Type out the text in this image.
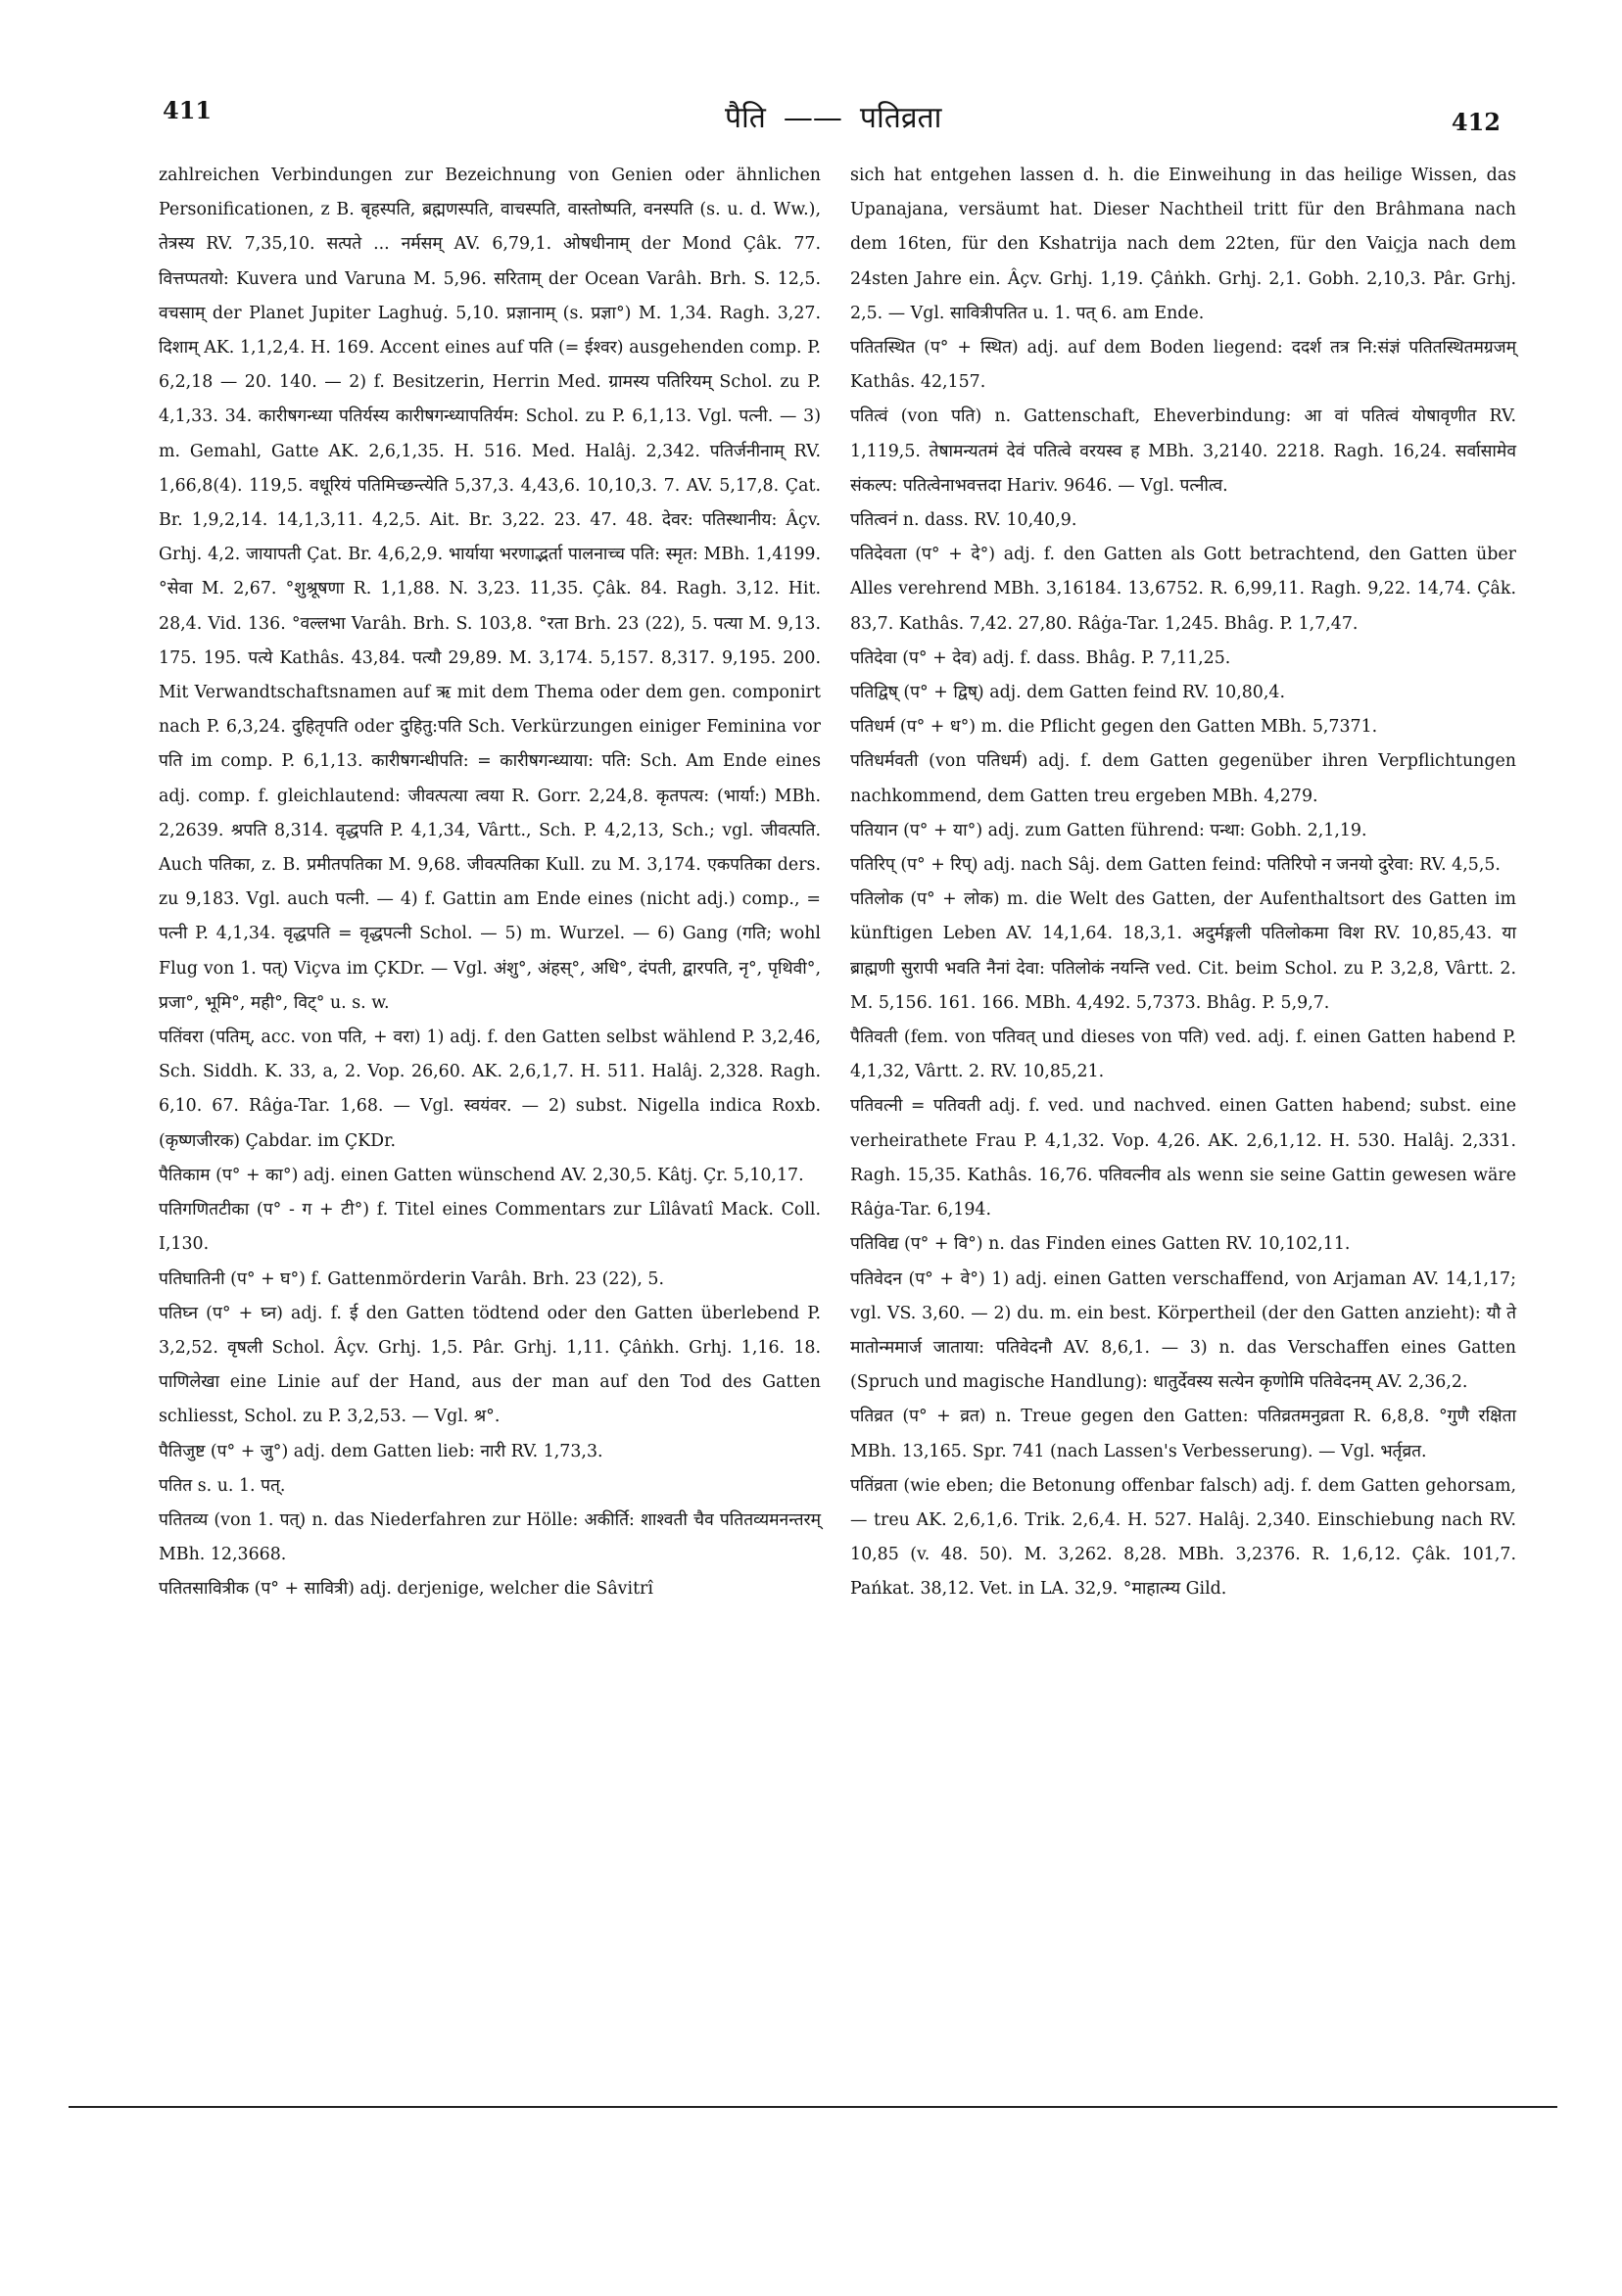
411	पैति —— पतिव्रता	412

zahlreichen Verbindungen zur Bezeichnung von Genien oder ähnlichen Personificationen, z B. बृहस्पति, ब्रह्मणस्पति, वाचस्पति, वास्तोष्पति, वनस्पति (s. u. d. Ww.), तेत्रस्य RV. 7,35,10. सत्पते ... नर्मसम् AV. 6,79,1. ओषधीनाम् der Mond Çâk. 77. वित्तप्पतयो: Kuvera und Varuna M. 5,96. सरिताम् der Ocean Varâh. Brh. S. 12,5. वचसाम् der Planet Jupiter Laghuġ. 5,10. प्रज्ञानाम् (s. प्रज्ञा°) M. 1,34. Ragh. 3,27. दिशाम् AK. 1,1,2,4. H. 169. Accent eines auf पति (= ईश्वर) ausgehenden comp. P. 6,2,18 — 20. 140. — 2) f. Besitzerin, Herrin Med. ग्रामस्य पतिरियम् Schol. zu P. 4,1,33. 34. कारीषगन्ध्या पतिर्यस्य कारीषगन्ध्यापतिर्यम: Schol. zu P. 6,1,13. Vgl. पत्नी. — 3) m. Gemahl, Gatte AK. 2,6,1,35. H. 516. Med. Halâj. 2,342. पतिर्जनीनाम् RV. 1,66,8(4). 119,5. वधूरियं पतिमिच्छन्त्येति 5,37,3. 4,43,6. 10,10,3. 7. AV. 5,17,8. Çat. Br. 1,9,2,14. 14,1,3,11. 4,2,5. Ait. Br. 3,22. 23. 47. 48. देवर: पतिस्थानीय: Âçv. Grhj. 4,2. जायापती Çat. Br. 4,6,2,9. भार्याया भरणाद्भर्ता पालनाच्च पति: स्मृत: MBh. 1,4199. °सेवा M. 2,67. °शुश्रूषणा R. 1,1,88. N. 3,23. 11,35. Çâk. 84. Ragh. 3,12. Hit. 28,4. Vid. 136. °वल्लभा Varâh. Brh. S. 103,8. °रता Brh. 23 (22), 5. पत्या M. 9,13. 175. 195. पत्ये Kathâs. 43,84. पत्यौ 29,89. M. 3,174. 5,157. 8,317. 9,195. 200. Mit Verwandtschaftsnamen auf ऋ mit dem Thema oder dem gen. componirt nach P. 6,3,24. दुहितृपति oder दुहितु:पति Sch. Verkürzungen einiger Feminina vor पति im comp. P. 6,1,13. कारीषगन्धीपति: = कारीषगन्ध्याया: पति: Sch. Am Ende eines adj. comp. f. gleichlautend: जीवत्पत्या त्वया R. Gorr. 2,24,8. कृतपत्य: (भार्या:) MBh. 2,2639. श्रपति 8,314. वृद्धपति P. 4,1,34, Vârtt., Sch. P. 4,2,13, Sch.; vgl. जीवत्पति. Auch पतिका, z. B. प्रमीतपतिका M. 9,68. जीवत्पतिका Kull. zu M. 3,174. एकपतिका ders. zu 9,183. Vgl. auch पत्नी. — 4) f. Gattin am Ende eines (nicht adj.) comp., = पत्नी P. 4,1,34. वृद्धपति = वृद्धपत्नी Schol. — 5) m. Wurzel. — 6) Gang (गति; wohl Flug von 1. पत्) Viçva im ÇKDr. — Vgl. अंशु°, अंहस्°, अधि°, दंपती, द्वारपति, नृ°, पृथिवी°, प्रजा°, भूमि°, मही°, विट्° u. s. w.

पतिंवरा (पतिम्, acc. von पति, + वरा) 1) adj. f. den Gatten selbst wählend P. 3,2,46, Sch. Siddh. K. 33, a, 2. Vop. 26,60. AK. 2,6,1,7. H. 511. Halâj. 2,328. Ragh. 6,10. 67. Râġa-Tar. 1,68. — Vgl. स्वयंवर. — 2) subst. Nigella indica Roxb. (कृष्णजीरक) Çabdar. im ÇKDr.

पैतिकाम (प° + का°) adj. einen Gatten wünschend AV. 2,30,5. Kâtj. Çr. 5,10,17.

पतिगणितटीका (प° - ग + टी°) f. Titel eines Commentars zur Lîlâvatî Mack. Coll. I,130.

पतिघातिनी (प° + घ°) f. Gattenmörderin Varâh. Brh. 23 (22), 5.

पतिघ्न (प° + घ्न) adj. f. ई den Gatten tödtend oder den Gatten überlebend P. 3,2,52. वृषली Schol. Âçv. Grhj. 1,5. Pâr. Grhj. 1,11. Çâṅkh. Grhj. 1,16. 18. पाणिलेखा eine Linie auf der Hand, aus der man auf den Tod des Gatten schliesst, Schol. zu P. 3,2,53. — Vgl. श्र°.

पैतिजुष्ट (प° + जु°) adj. dem Gatten lieb: नारी RV. 1,73,3.

पतित s. u. 1. पत्.

पतितव्य (von 1. पत्) n. das Niederfahren zur Hölle: अकीर्ति: शाश्वती चैव पतितव्यमनन्तरम् MBh. 12,3668.

पतितसावित्रीक (प° + सावित्री) adj. derjenige, welcher die Sâvitrî

sich hat entgehen lassen d. h. die Einweihung in das heilige Wissen, das Upanajana, versäumt hat. Dieser Nachtheil tritt für den Brâhmana nach dem 16ten, für den Kshatrija nach dem 22ten, für den Vaiçja nach dem 24sten Jahre ein. Âçv. Grhj. 1,19. Çâṅkh. Grhj. 2,1. Gobh. 2,10,3. Pâr. Grhj. 2,5. — Vgl. सावित्रीपतित u. 1. पत् 6. am Ende.

पतितस्थित (प° + स्थित) adj. auf dem Boden liegend: ददर्श तत्र नि:संज्ञं पतितस्थितमग्रजम् Kathâs. 42,157.

पतित्वं (von पति) n. Gattenschaft, Eheverbindung: आ वां पतित्वं योषावृणीत RV. 1,119,5. तेषामन्यतमं देवं पतित्वे वरयस्व ह MBh. 3,2140. 2218. Ragh. 16,24. सर्वासामेव संकल्प: पतित्वेनाभवत्तदा Hariv. 9646. — Vgl. पत्नीत्व.

पतित्वनं n. dass. RV. 10,40,9.

पतिदेवता (प° + दे°) adj. f. den Gatten als Gott betrachtend, den Gatten über Alles verehrend MBh. 3,16184. 13,6752. R. 6,99,11. Ragh. 9,22. 14,74. Çâk. 83,7. Kathâs. 7,42. 27,80. Râġa-Tar. 1,245. Bhâg. P. 1,7,47.

पतिदेवा (प° + देव) adj. f. dass. Bhâg. P. 7,11,25.

पतिद्विष् (प° + द्विष्) adj. dem Gatten feind RV. 10,80,4.

पतिधर्म (प° + ध°) m. die Pflicht gegen den Gatten MBh. 5,7371.

पतिधर्मवती (von पतिधर्म) adj. f. dem Gatten gegenüber ihren Verpflichtungen nachkommend, dem Gatten treu ergeben MBh. 4,279.

पतियान (प° + या°) adj. zum Gatten führend: पन्था: Gobh. 2,1,19.

पतिरिप् (प° + रिप्) adj. nach Sâj. dem Gatten feind: पतिरिपो न जनयो दुरेवा: RV. 4,5,5.

पतिलोक (प° + लोक) m. die Welt des Gatten, der Aufenthaltsort des Gatten im künftigen Leben AV. 14,1,64. 18,3,1. अदुर्मङ्गली पतिलोकमा विश RV. 10,85,43. या ब्राह्मणी सुरापी भवति नैनां देवा: पतिलोकं नयन्ति ved. Cit. beim Schol. zu P. 3,2,8, Vârtt. 2. M. 5,156. 161. 166. MBh. 4,492. 5,7373. Bhâg. P. 5,9,7.

पैतिवती (fem. von पतिवत् und dieses von पति) ved. adj. f. einen Gatten habend P. 4,1,32, Vârtt. 2. RV. 10,85,21.

पतिवत्नी = पतिवती adj. f. ved. und nachved. einen Gatten habend; subst. eine verheirathete Frau P. 4,1,32. Vop. 4,26. AK. 2,6,1,12. H. 530. Halâj. 2,331. Ragh. 15,35. Kathâs. 16,76. पतिवत्नीव als wenn sie seine Gattin gewesen wäre Râġa-Tar. 6,194.

पतिविद्य (प° + वि°) n. das Finden eines Gatten RV. 10,102,11.

पतिवेदन (प° + वे°) 1) adj. einen Gatten verschaffend, von Arjaman AV. 14,1,17; vgl. VS. 3,60. — 2) du. m. ein best. Körpertheil (der den Gatten anzieht): यौ ते मातोन्ममार्ज जाताया: पतिवेदनौ AV. 8,6,1. — 3) n. das Verschaffen eines Gatten (Spruch und magische Handlung): धातुर्देवस्य सत्येन कृणोमि पतिवेदनम् AV. 2,36,2.

पतिव्रत (प° + व्रत) n. Treue gegen den Gatten: पतिव्रतमनुव्रता R. 6,8,8. °गुणै रक्षिता MBh. 13,165. Spr. 741 (nach Lassen's Verbesserung). — Vgl. भर्तृव्रत.

पतिंव्रता (wie eben; die Betonung offenbar falsch) adj. f. dem Gatten gehorsam, — treu AK. 2,6,1,6. Trik. 2,6,4. H. 527. Halâj. 2,340. Einschiebung nach RV. 10,85 (v. 48. 50). M. 3,262. 8,28. MBh. 3,2376. R. 1,6,12. Çâk. 101,7. Pańkat. 38,12. Vet. in LA. 32,9. °माहात्म्य Gild.
